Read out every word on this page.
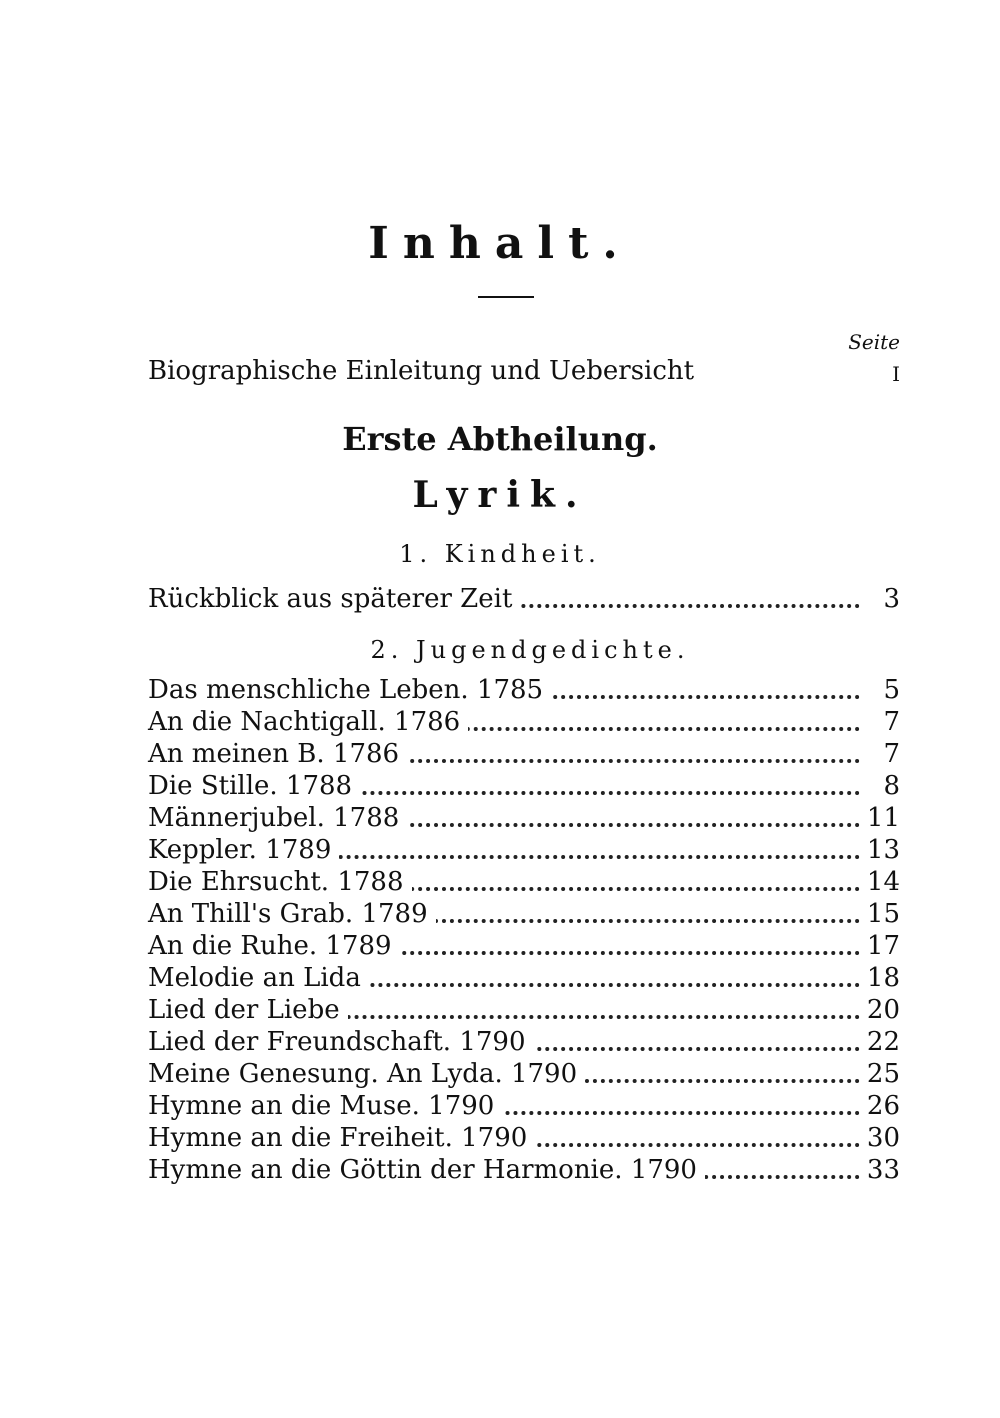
Inhalt.
Seite
Biographische Einleitung und Uebersicht	I
Erste Abtheilung.
Lyrik.
1. Kindheit.
Rückblick aus späterer Zeit	3
2. Jugendgedichte.
Das menschliche Leben. 1785	5
An die Nachtigall. 1786	7
An meinen B. 1786	7
Die Stille. 1788	8
Männerjubel. 1788	11
Keppler. 1789	13
Die Ehrsucht. 1788	14
An Thill's Grab. 1789	15
An die Ruhe. 1789	17
Melodie an Lida	18
Lied der Liebe	20
Lied der Freundschaft. 1790	22
Meine Genesung. An Lyda. 1790	25
Hymne an die Muse. 1790	26
Hymne an die Freiheit. 1790	30
Hymne an die Göttin der Harmonie. 1790	33
